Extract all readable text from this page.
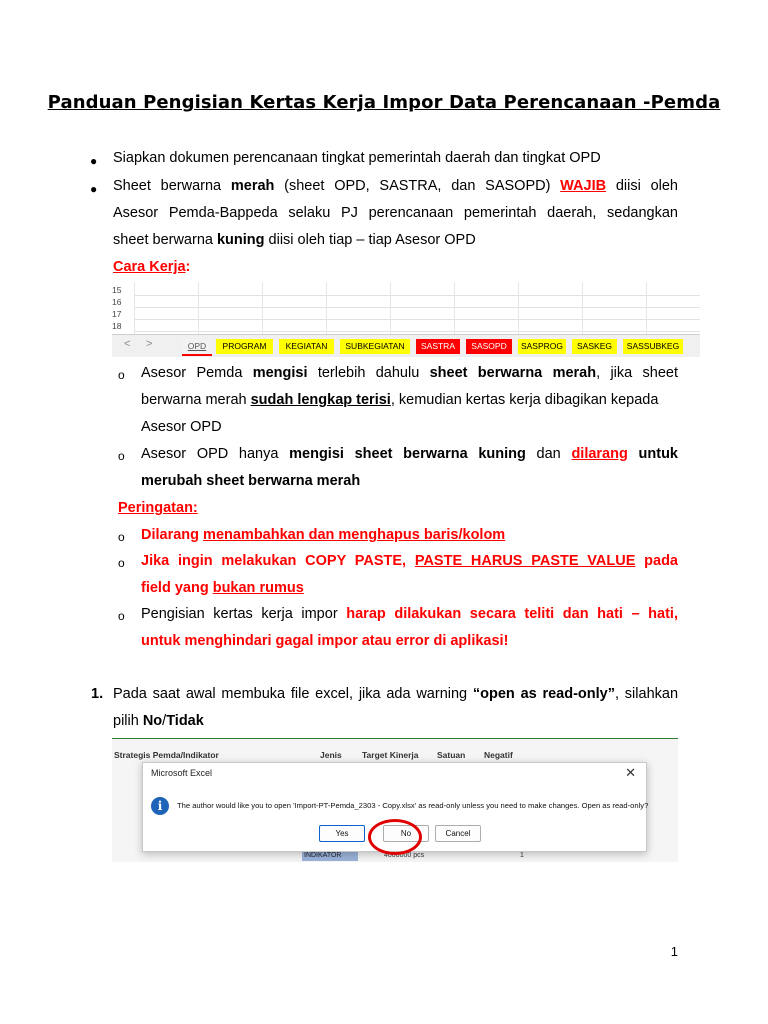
Panduan Pengisian Kertas Kerja Impor Data Perencanaan -Pemda
● Siapkan dokumen perencanaan tingkat pemerintah daerah dan tingkat OPD
● Sheet berwarna merah (sheet OPD, SASTRA, dan SASOPD) WAJIB diisi oleh
Asesor Pemda-Bappeda selaku PJ perencanaan pemerintah daerah, sedangkan
sheet berwarna kuning diisi oleh tiap – tiap Asesor OPD
Cara Kerja:
15
16
17
18
< >	OPD	PROGRAM	KEGIATAN	SUBKEGIATAN	SASTRA	SASOPD	SASPROG	SASKEG	SASSUBKEG
o Asesor Pemda mengisi terlebih dahulu sheet berwarna merah, jika sheet
berwarna merah sudah lengkap terisi, kemudian kertas kerja dibagikan kepada
Asesor OPD
o Asesor OPD hanya mengisi sheet berwarna kuning dan dilarang untuk
merubah sheet berwarna merah
Peringatan:
o Dilarang menambahkan dan menghapus baris/kolom
o Jika ingin melakukan COPY PASTE, PASTE HARUS PASTE VALUE pada
field yang bukan rumus
o Pengisian kertas kerja impor harap dilakukan secara teliti dan hati – hati,
untuk menghindari gagal impor atau error di aplikasi!
1. Pada saat awal membuka file excel, jika ada warning “open as read-only”, silahkan
pilih No/Tidak
Strategis Pemda/Indikator	Jenis Target Kinerja Satuan Negatif
INDIKATOR	4000000 pcs	1
Microsoft Excel	✕
i	The author would like you to open 'Import-PT-Pemda_2303 - Copy.xlsx' as read-only unless you need to make changes. Open as read-only?
Yes	No	Cancel
1
